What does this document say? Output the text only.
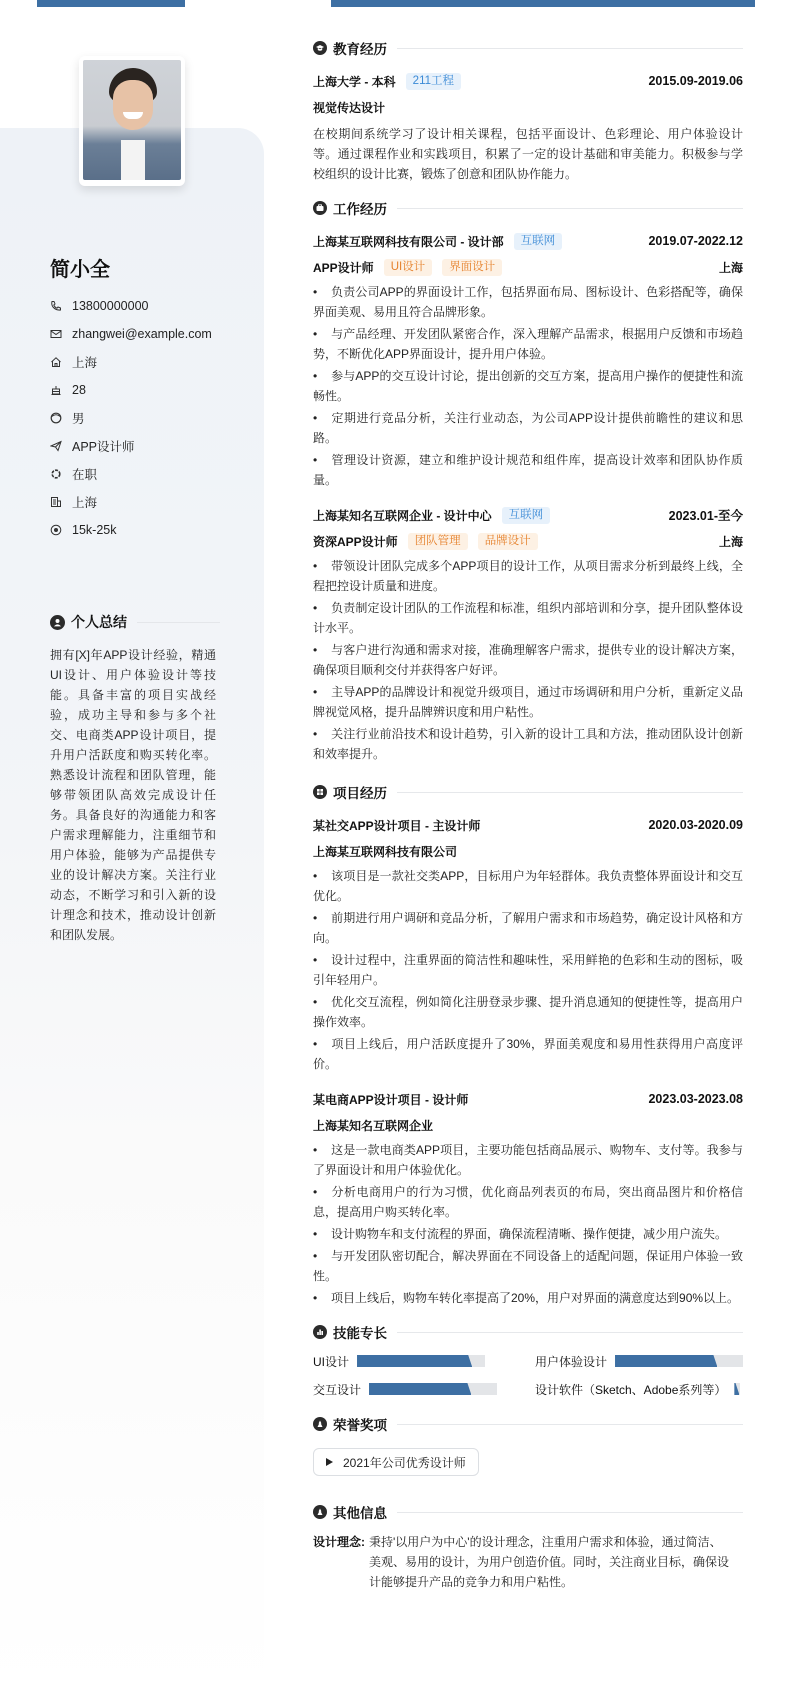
简小全
13800000000
zhangwei@example.com
上海
28
男
APP设计师
在职
上海
15k-25k
个人总结
拥有[X]年APP设计经验，精通UI设计、用户体验设计等技能。具备丰富的项目实战经验，成功主导和参与多个社交、电商类APP设计项目，提升用户活跃度和购买转化率。熟悉设计流程和团队管理，能够带领团队高效完成设计任务。具备良好的沟通能力和客户需求理解能力，注重细节和用户体验，能够为产品提供专业的设计解决方案。关注行业动态，不断学习和引入新的设计理念和技术，推动设计创新和团队发展。
教育经历
上海大学 - 本科	211工程	2015.09-2019.06
视觉传达设计
在校期间系统学习了设计相关课程，包括平面设计、色彩理论、用户体验设计等。通过课程作业和实践项目，积累了一定的设计基础和审美能力。积极参与学校组织的设计比赛，锻炼了创意和团队协作能力。
工作经历
上海某互联网科技有限公司 - 设计部	互联网	2019.07-2022.12
APP设计师	UI设计	界面设计	上海
• 负责公司APP的界面设计工作，包括界面布局、图标设计、色彩搭配等，确保界面美观、易用且符合品牌形象。
• 与产品经理、开发团队紧密合作，深入理解产品需求，根据用户反馈和市场趋势，不断优化APP界面设计，提升用户体验。
• 参与APP的交互设计讨论，提出创新的交互方案，提高用户操作的便捷性和流畅性。
• 定期进行竞品分析，关注行业动态，为公司APP设计提供前瞻性的建议和思路。
• 管理设计资源，建立和维护设计规范和组件库，提高设计效率和团队协作质量。
上海某知名互联网企业 - 设计中心	互联网	2023.01-至今
资深APP设计师	团队管理	品牌设计	上海
• 带领设计团队完成多个APP项目的设计工作，从项目需求分析到最终上线，全程把控设计质量和进度。
• 负责制定设计团队的工作流程和标准，组织内部培训和分享，提升团队整体设计水平。
• 与客户进行沟通和需求对接，准确理解客户需求，提供专业的设计解决方案，确保项目顺利交付并获得客户好评。
• 主导APP的品牌设计和视觉升级项目，通过市场调研和用户分析，重新定义品牌视觉风格，提升品牌辨识度和用户粘性。
• 关注行业前沿技术和设计趋势，引入新的设计工具和方法，推动团队设计创新和效率提升。
项目经历
某社交APP设计项目 - 主设计师	2020.03-2020.09
上海某互联网科技有限公司
• 该项目是一款社交类APP，目标用户为年轻群体。我负责整体界面设计和交互优化。
• 前期进行用户调研和竞品分析，了解用户需求和市场趋势，确定设计风格和方向。
• 设计过程中，注重界面的简洁性和趣味性，采用鲜艳的色彩和生动的图标，吸引年轻用户。
• 优化交互流程，例如简化注册登录步骤、提升消息通知的便捷性等，提高用户操作效率。
• 项目上线后，用户活跃度提升了30%，界面美观度和易用性获得用户高度评价。
某电商APP设计项目 - 设计师	2023.03-2023.08
上海某知名互联网企业
• 这是一款电商类APP项目，主要功能包括商品展示、购物车、支付等。我参与了界面设计和用户体验优化。
• 分析电商用户的行为习惯，优化商品列表页的布局，突出商品图片和价格信息，提高用户购买转化率。
• 设计购物车和支付流程的界面，确保流程清晰、操作便捷，减少用户流失。
• 与开发团队密切配合，解决界面在不同设备上的适配问题，保证用户体验一致性。
• 项目上线后，购物车转化率提高了20%，用户对界面的满意度达到90%以上。
技能专长
UI设计	用户体验设计
交互设计	设计软件（Sketch、Adobe系列等）
荣誉奖项
2021年公司优秀设计师
其他信息
设计理念: 秉持'以用户为中心'的设计理念，注重用户需求和体验，通过简洁、美观、易用的设计，为用户创造价值。同时，关注商业目标，确保设计能够提升产品的竞争力和用户粘性。
